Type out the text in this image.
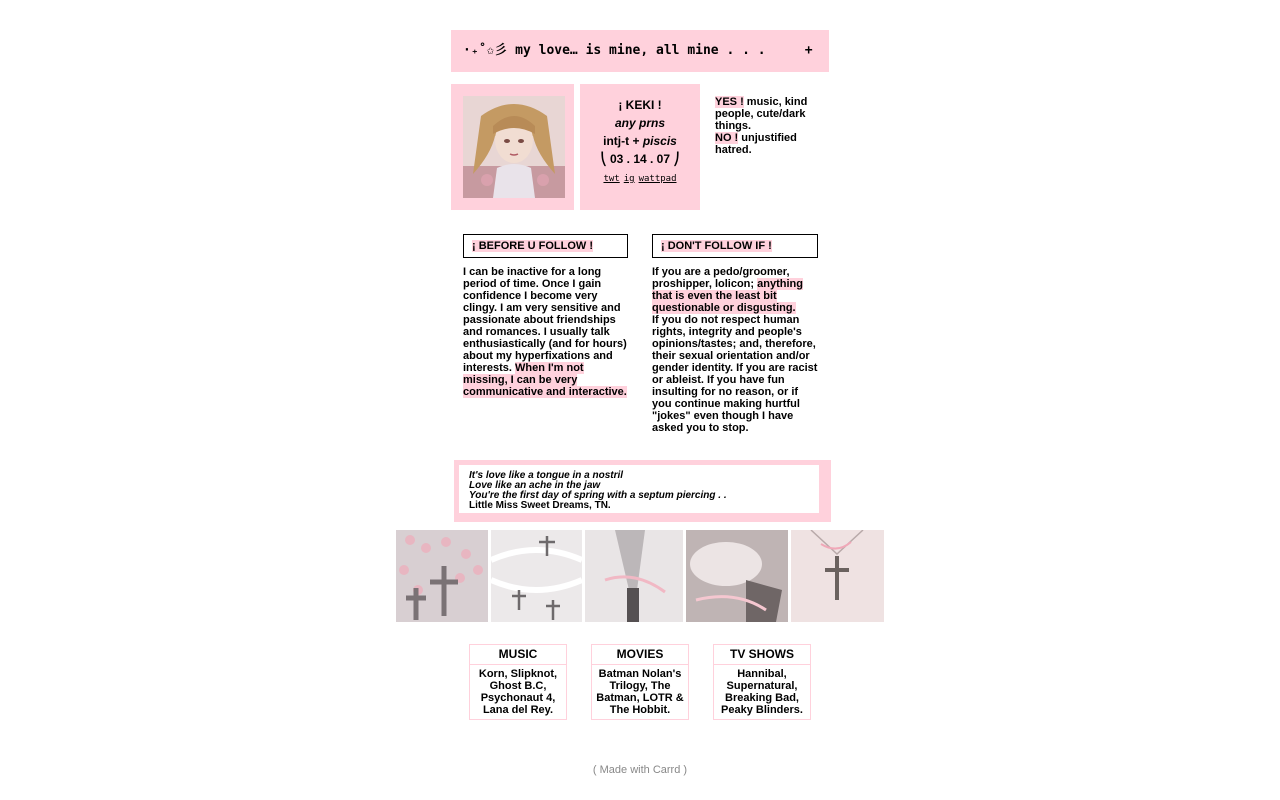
·₊˚✩彡 my love… is mine, all mine . . .     +
¡ KEKI !
any prns
intj-t + piscis
⎝ 03 . 14 . 07 ⎠
twt ig wattpad
YES ! music, kind people, cute/dark things.
NO ! unjustified hatred.
¡ BEFORE U FOLLOW !
I can be inactive for a long period of time. Once I gain confidence I become very clingy. I am very sensitive and passionate about friendships and romances. I usually talk enthusiastically (and for hours) about my hyperfixations and interests. When I'm not missing, I can be very communicative and interactive.
¡ DON'T FOLLOW IF !
If you are a pedo/groomer, proshipper, lolicon; anything that is even the least bit questionable or disgusting.
If you do not respect human rights, integrity and people's opinions/tastes; and, therefore, their sexual orientation and/or gender identity. If you are racist or ableist. If you have fun insulting for no reason, or if you continue making hurtful "jokes" even though I have asked you to stop.
It's love like a tongue in a nostril
Love like an ache in the jaw
You're the first day of spring with a septum piercing . .
Little Miss Sweet Dreams, TN.
MUSIC
Korn, Slipknot, Ghost B.C, Psychonaut 4, Lana del Rey.
MOVIES
Batman Nolan's Trilogy, The Batman, LOTR & The Hobbit.
TV SHOWS
Hannibal, Supernatural, Breaking Bad, Peaky Blinders.
( Made with Carrd )
